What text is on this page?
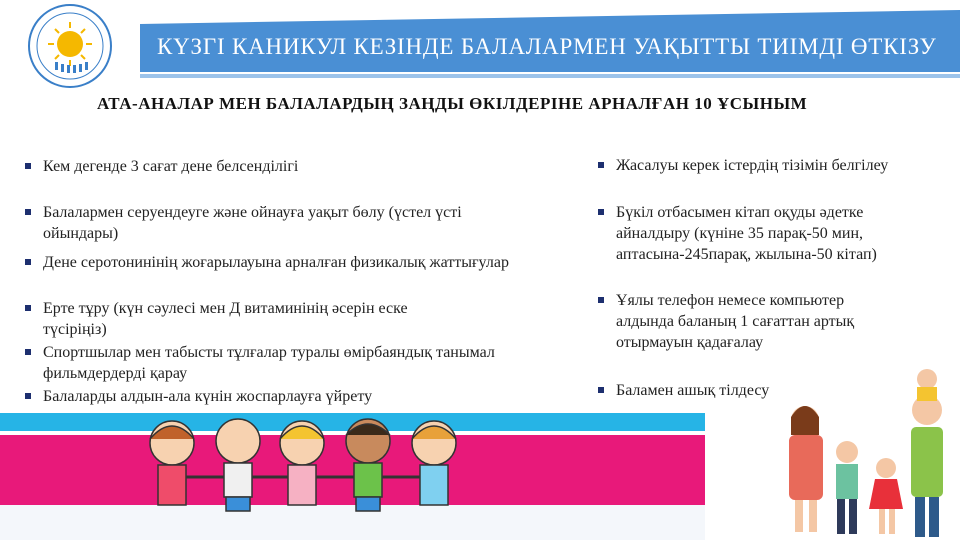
КҮЗГІ КАНИКУЛ КЕЗІНДЕ БАЛАЛАРМЕН УАҚЫТТЫ ТИІМДІ ӨТКІЗУ
АТА-АНАЛАР МЕН БАЛАЛАРДЫҢ ЗАҢДЫ ӨКІЛДЕРІНЕ АРНАЛҒАН 10 ҰСЫНЫМ
Кем дегенде 3 сағат дене белсенділігі
Балалармен серуендеуге және ойнауға уақыт бөлу (үстел үсті ойындары)
Дене серотонинінің жоғарылауына арналған физикалық жаттығулар
Ерте тұру (күн сәулесі мен Д витаминінің әсерін еске түсіріңіз)
Спортшылар мен табысты тұлғалар туралы өмірбаяндық танымал фильмдердерді қарау
Балаларды алдын-ала күнін жоспарлауға үйрету
Жасалуы керек істердің тізімін белгілеу
Бүкіл отбасымен кітап оқуды әдетке айналдыру (күніне 35 парақ-50 мин, аптасына-245парақ, жылына-50 кітап)
Ұялы телефон немесе компьютер алдында баланың 1 сағаттан артық отырмауын қадағалау
Баламен ашық тілдесу
